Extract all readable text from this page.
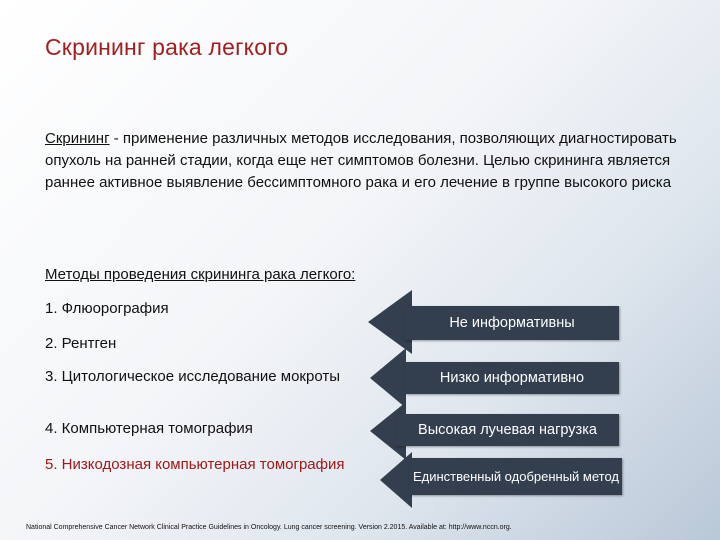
Скрининг рака легкого
Скрининг - применение различных методов исследования, позволяющих диагностировать опухоль на ранней стадии, когда еще нет симптомов болезни. Целью скрининга является раннее активное выявление бессимптомного рака и его лечение в группе высокого риска
Методы проведения скрининга рака легкого:
1. Флюорография
2. Рентген
3. Цитологическое исследование мокроты
4. Компьютерная томография
5. Низкодозная компьютерная томография
Не информативны
Низко информативно
Высокая лучевая нагрузка
Единственный одобренный метод
National Comprehensive Cancer Network Clinical Practice Guidelines in Oncology. Lung cancer screening. Version 2.2015. Available at: http://www.nccn.org.
